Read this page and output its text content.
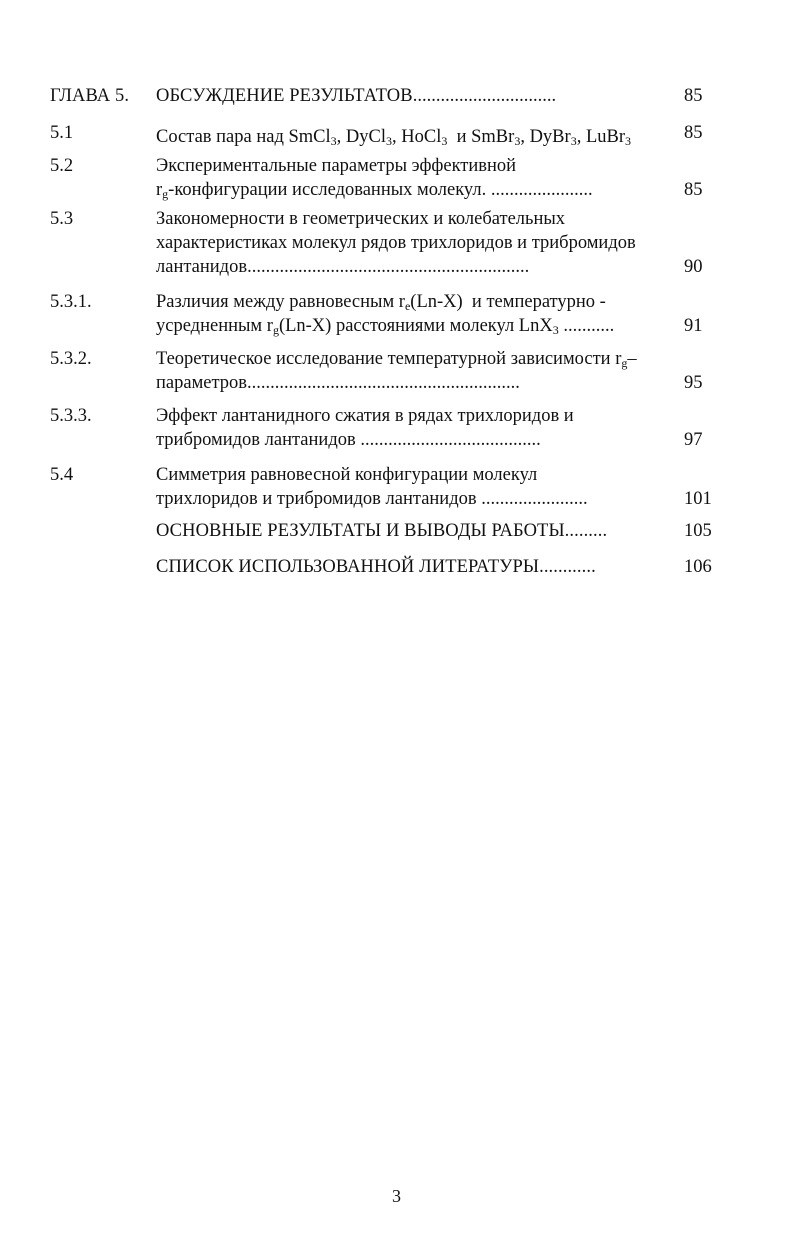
ГЛАВА 5.	ОБСУЖДЕНИЕ РЕЗУЛЬТАТОВ...............................	85
5.1	Состав пара над SmCl$_3$, DyCl$_3$, HoCl$_3$  и SmBr$_3$, DyBr$_3$, LuBr$_3$	85
5.2	Экспериментальные параметры эффективной
$r_g$-конфигурации исследованных молекул. ......................	85
5.3	Закономерности в геометрических и колебательных
характеристиках молекул рядов трихлоридов и трибромидов
лантанидов.............................................................	90
5.3.1.	Различия между равновесным $r_e(Ln-X)$  и температурно -
усредненным $r_g(Ln-X)$ расстояниями молекул LnX$_3$ ...........	91
5.3.2.	Теоретическое исследование температурной зависимости $r_g-$
параметров...........................................................	95
5.3.3.	Эффект лантанидного сжатия в рядах трихлоридов и
трибромидов лантанидов .......................................	97
5.4	Симметрия равновесной конфигурации молекул
трихлоридов и трибромидов лантанидов .......................	101
ОСНОВНЫЕ РЕЗУЛЬТАТЫ И ВЫВОДЫ РАБОТЫ.........	105
СПИСОК ИСПОЛЬЗОВАННОЙ ЛИТЕРАТУРЫ............	106
3
